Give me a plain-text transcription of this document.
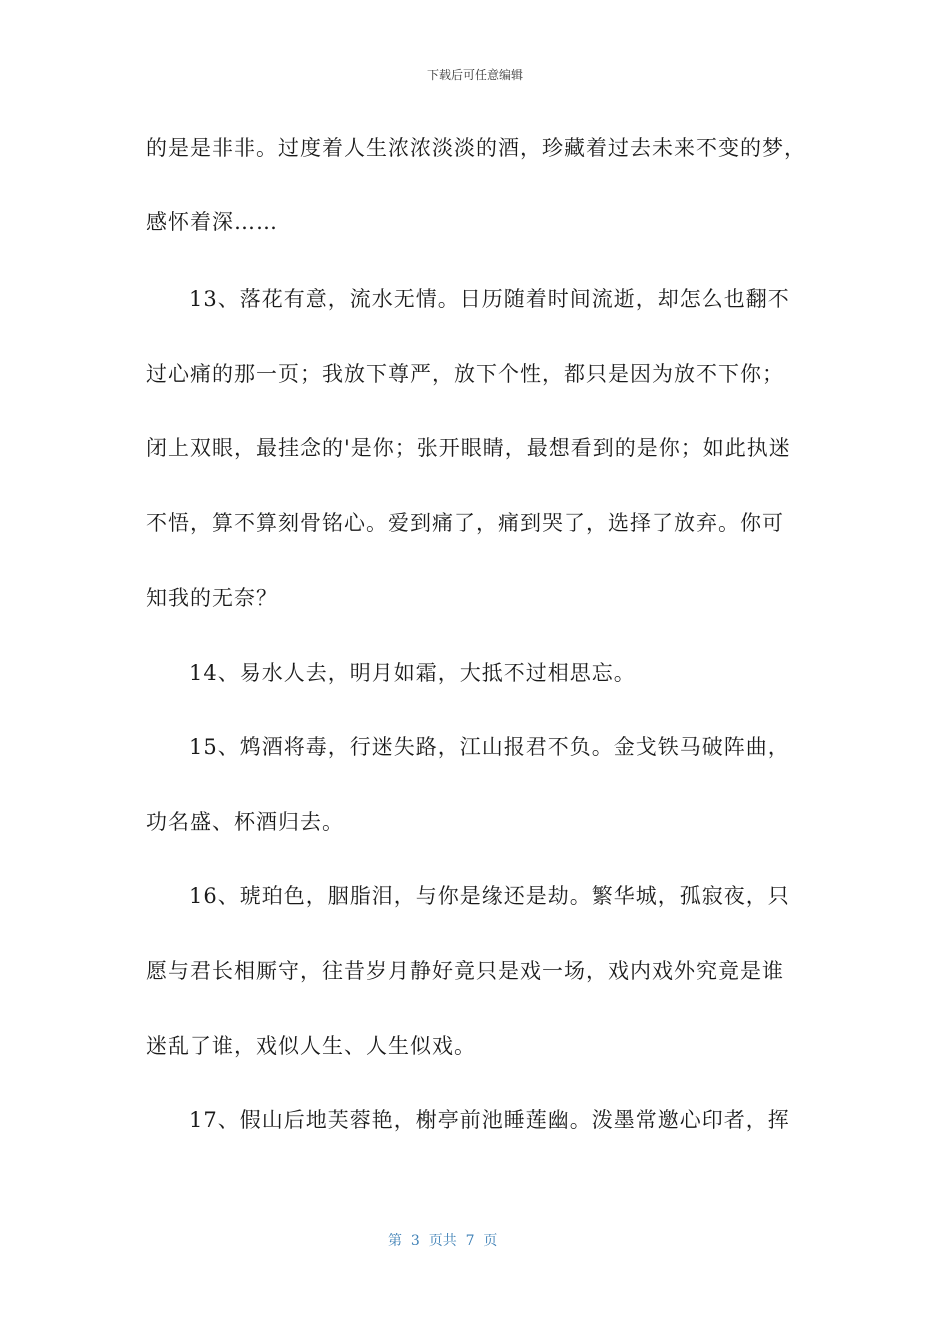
下载后可任意编辑
的是是非非。过度着人生浓浓淡淡的酒，珍藏着过去未来不变的梦，
感怀着深……
13、落花有意，流水无情。日历随着时间流逝，却怎么也翻不
过心痛的那一页；我放下尊严，放下个性，都只是因为放不下你；
闭上双眼，最挂念的'是你；张开眼睛，最想看到的是你；如此执迷
不悟，算不算刻骨铭心。爱到痛了，痛到哭了，选择了放弃。你可
知我的无奈？
14、易水人去，明月如霜，大抵不过相思忘。
15、鸩酒将毒，行迷失路，江山报君不负。金戈铁马破阵曲，
功名盛、杯酒归去。
16、琥珀色，胭脂泪，与你是缘还是劫。繁华城，孤寂夜，只
愿与君长相厮守，往昔岁月静好竟只是戏一场，戏内戏外究竟是谁
迷乱了谁，戏似人生、人生似戏。
17、假山后地芙蓉艳，榭亭前池睡莲幽。泼墨常邀心印者，挥
第  3  页共  7  页
